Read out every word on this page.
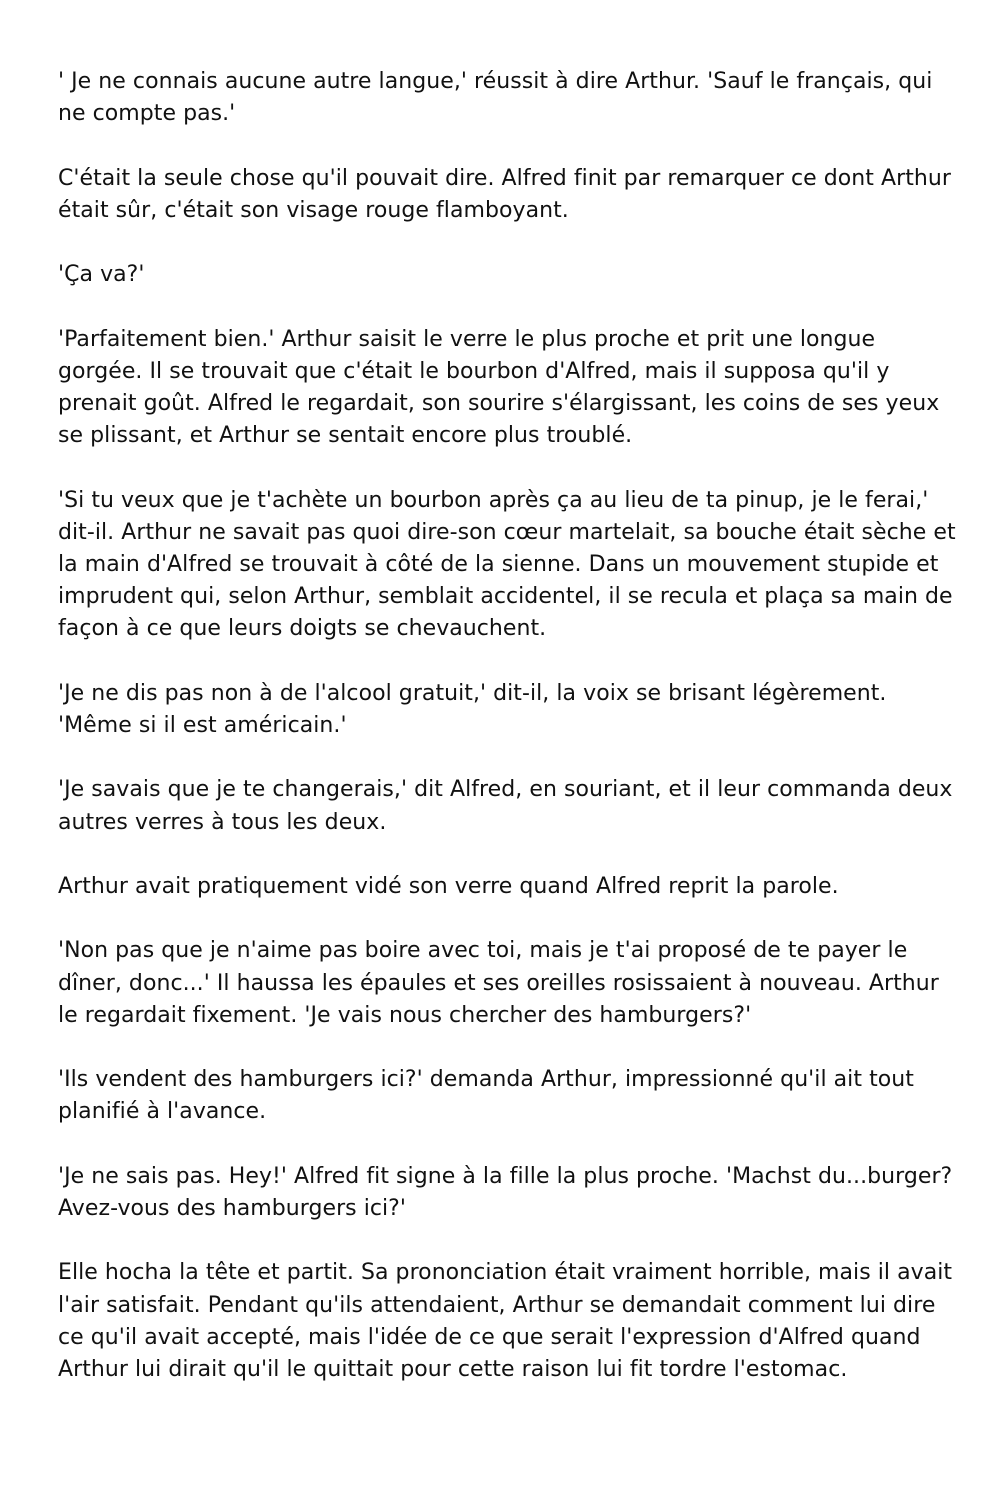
' Je ne connais aucune autre langue,' réussit à dire Arthur. 'Sauf le français, qui ne compte pas.'

C'était la seule chose qu'il pouvait dire. Alfred finit par remarquer ce dont Arthur était sûr, c'était son visage rouge flamboyant.

'Ça va?'

'Parfaitement bien.' Arthur saisit le verre le plus proche et prit une longue gorgée. Il se trouvait que c'était le bourbon d'Alfred, mais il supposa qu'il y prenait goût. Alfred le regardait, son sourire s'élargissant, les coins de ses yeux se plissant, et Arthur se sentait encore plus troublé.

'Si tu veux que je t'achète un bourbon après ça au lieu de ta pinup, je le ferai,' dit-il. Arthur ne savait pas quoi dire-son cœur martelait, sa bouche était sèche et la main d'Alfred se trouvait à côté de la sienne. Dans un mouvement stupide et imprudent qui, selon Arthur, semblait accidentel, il se recula et plaça sa main de façon à ce que leurs doigts se chevauchent.

'Je ne dis pas non à de l'alcool gratuit,' dit-il, la voix se brisant légèrement. 'Même si il est américain.'

'Je savais que je te changerais,' dit Alfred, en souriant, et il leur commanda deux autres verres à tous les deux.

Arthur avait pratiquement vidé son verre quand Alfred reprit la parole.

'Non pas que je n'aime pas boire avec toi, mais je t'ai proposé de te payer le dîner, donc...' Il haussa les épaules et ses oreilles rosissaient à nouveau. Arthur le regardait fixement. 'Je vais nous chercher des hamburgers?'

'Ils vendent des hamburgers ici?' demanda Arthur, impressionné qu'il ait tout planifié à l'avance.

'Je ne sais pas. Hey!' Alfred fit signe à la fille la plus proche. 'Machst du...burger? Avez-vous des hamburgers ici?'

Elle hocha la tête et partit. Sa prononciation était vraiment horrible, mais il avait l'air satisfait. Pendant qu'ils attendaient, Arthur se demandait comment lui dire ce qu'il avait accepté, mais l'idée de ce que serait l'expression d'Alfred quand Arthur lui dirait qu'il le quittait pour cette raison lui fit tordre l'estomac.
